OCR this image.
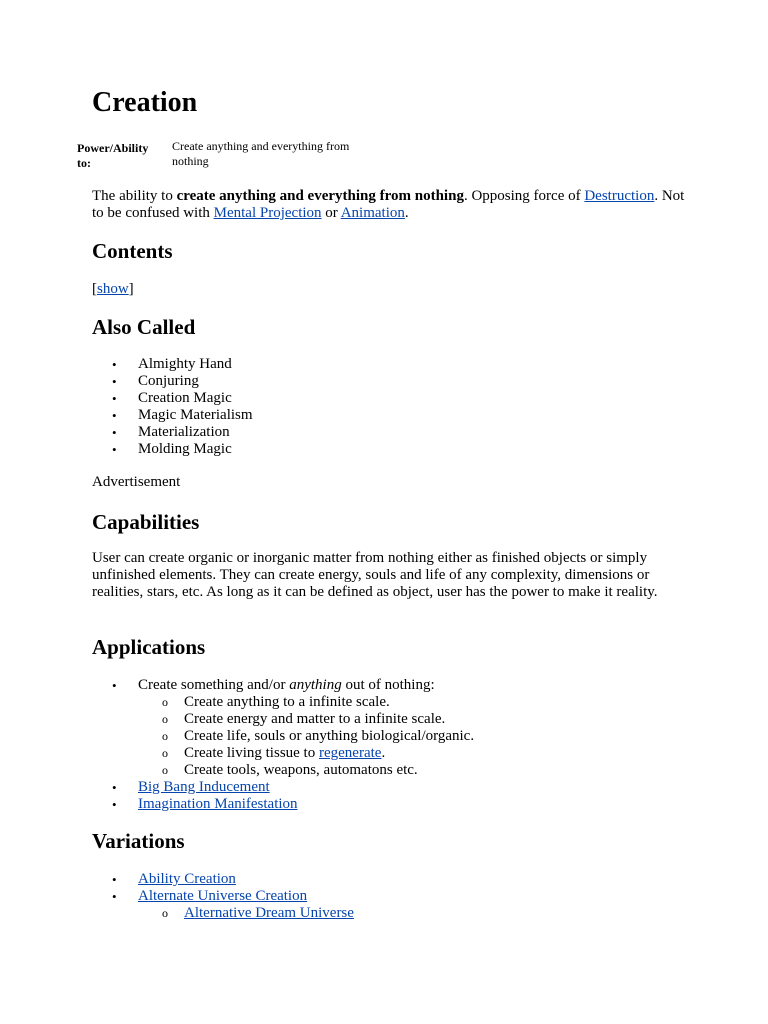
Creation
Power/Ability to:
Create anything and everything from nothing

The ability to create anything and everything from nothing. Opposing force of Destruction. Not to be confused with Mental Projection or Animation.

Contents

[show]

Also Called
• Almighty Hand
• Conjuring
• Creation Magic
• Magic Materialism
• Materialization
• Molding Magic

Advertisement

Capabilities

User can create organic or inorganic matter from nothing either as finished objects or simply unfinished elements. They can create energy, souls and life of any complexity, dimensions or realities, stars, etc. As long as it can be defined as object, user has the power to make it reality.

Applications
• Create something and/or anything out of nothing:
o Create anything to a infinite scale.
o Create energy and matter to a infinite scale.
o Create life, souls or anything biological/organic.
o Create living tissue to regenerate.
o Create tools, weapons, automatons etc.
• Big Bang Inducement
• Imagination Manifestation
Variations
• Ability Creation
• Alternate Universe Creation
o Alternative Dream Universe
